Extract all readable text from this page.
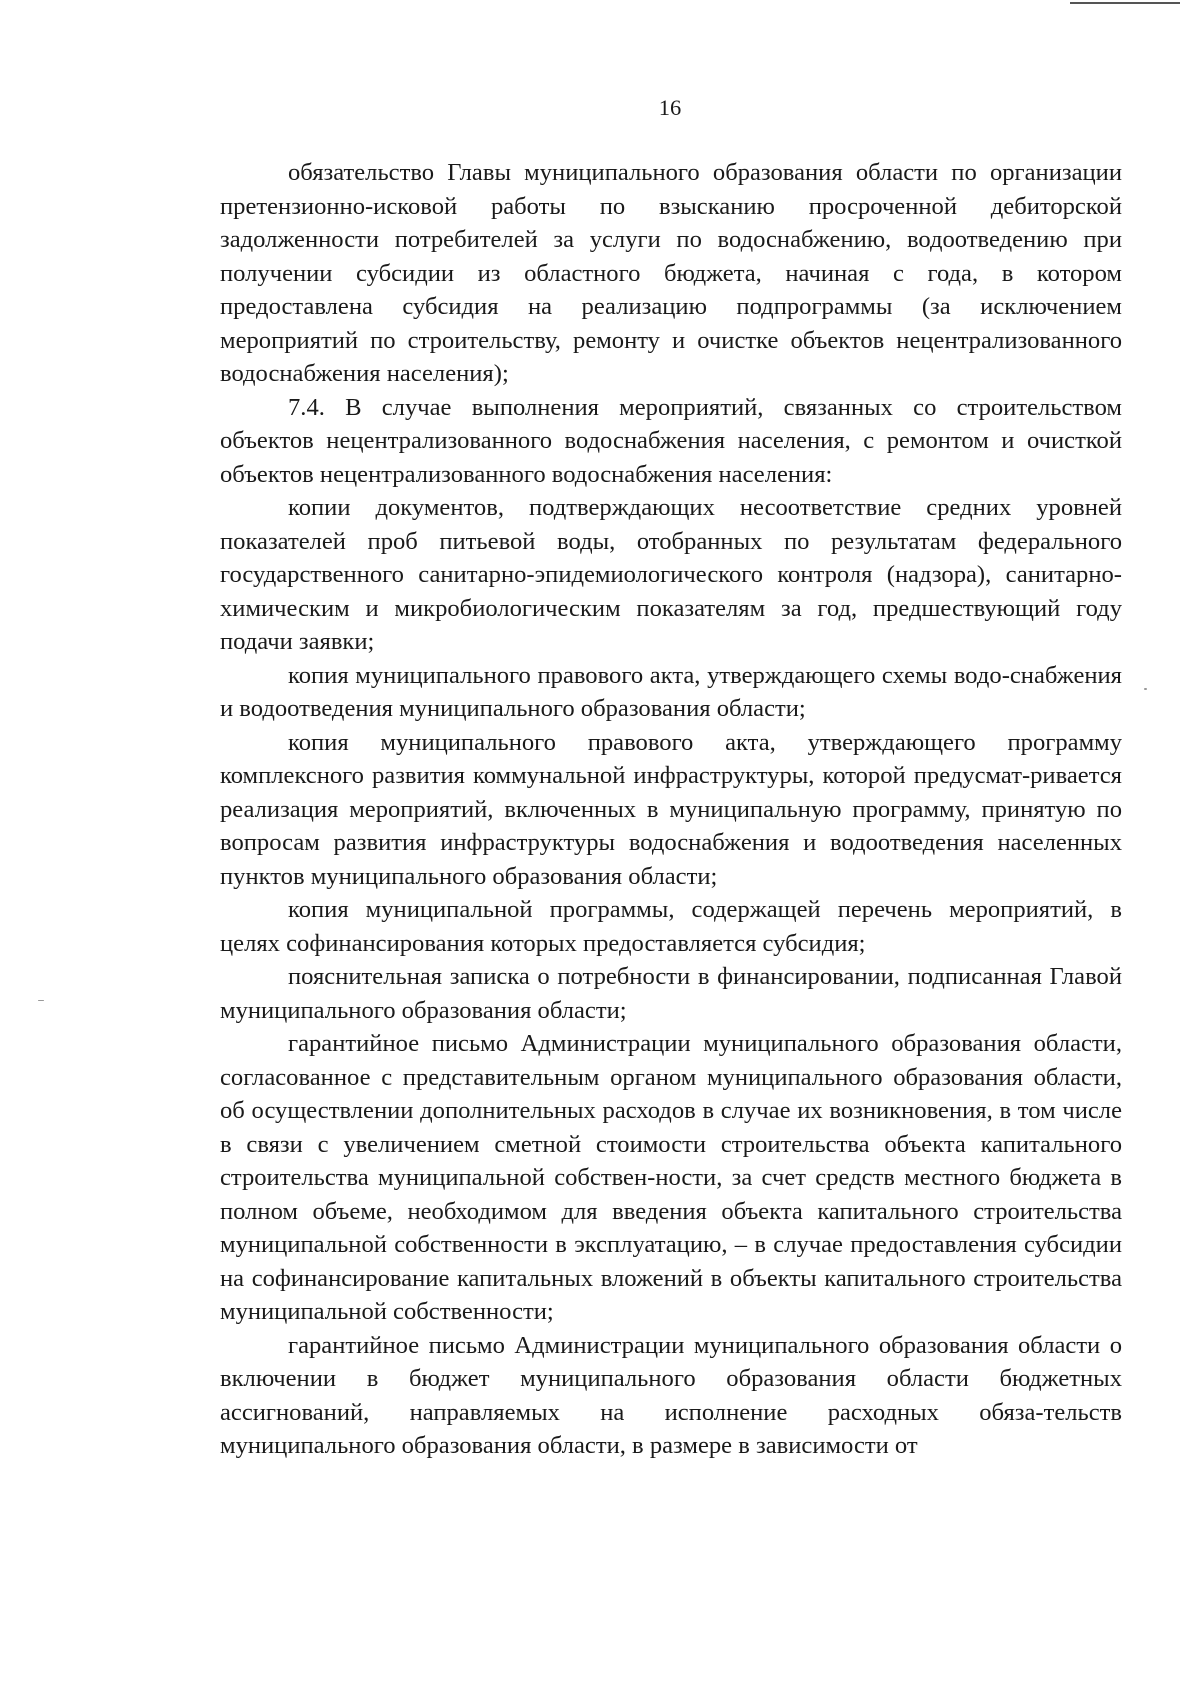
16

обязательство Главы муниципального образования области по организации претензионно-исковой работы по взысканию просроченной дебиторской задолженности потребителей за услуги по водоснабжению, водоотведению при получении субсидии из областного бюджета, начиная с года, в котором предоставлена субсидия на реализацию подпрограммы (за исключением мероприятий по строительству, ремонту и очистке объектов нецентрализованного водоснабжения населения);

7.4. В случае выполнения мероприятий, связанных со строительством объектов нецентрализованного водоснабжения населения, с ремонтом и очисткой объектов нецентрализованного водоснабжения населения:

копии документов, подтверждающих несоответствие средних уровней показателей проб питьевой воды, отобранных по результатам федерального государственного санитарно-эпидемиологического контроля (надзора), санитарно-химическим и микробиологическим показателям за год, предшествующий году подачи заявки;

копия муниципального правового акта, утверждающего схемы водо-снабжения и водоотведения муниципального образования области;

копия муниципального правового акта, утверждающего программу комплексного развития коммунальной инфраструктуры, которой предусмат-ривается реализация мероприятий, включенных в муниципальную программу, принятую по вопросам развития инфраструктуры водоснабжения и водоотведения населенных пунктов муниципального образования области;

копия муниципальной программы, содержащей перечень мероприятий, в целях софинансирования которых предоставляется субсидия;

пояснительная записка о потребности в финансировании, подписанная Главой муниципального образования области;

гарантийное письмо Администрации муниципального образования области, согласованное с представительным органом муниципального образования области, об осуществлении дополнительных расходов в случае их возникновения, в том числе в связи с увеличением сметной стоимости строительства объекта капитального строительства муниципальной собствен-ности, за счет средств местного бюджета в полном объеме, необходимом для введения объекта капитального строительства муниципальной собственности в эксплуатацию, – в случае предоставления субсидии на софинансирование капитальных вложений в объекты капитального строительства муниципальной собственности;

гарантийное письмо Администрации муниципального образования области о включении в бюджет муниципального образования области бюджетных ассигнований, направляемых на исполнение расходных обяза-тельств муниципального образования области, в размере в зависимости от
